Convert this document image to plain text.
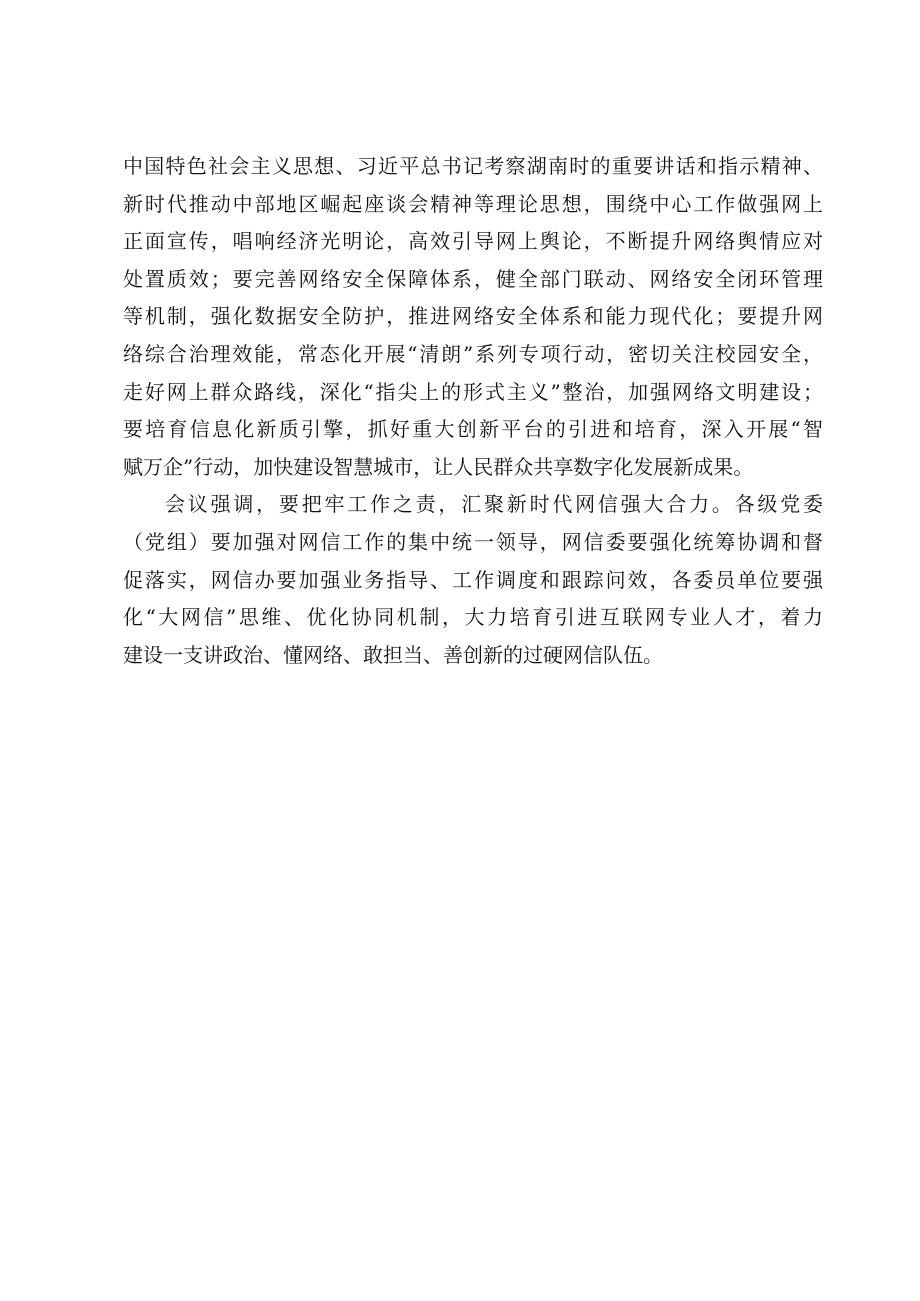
中国特色社会主义思想、习近平总书记考察湖南时的重要讲话和指示精神、
新时代推动中部地区崛起座谈会精神等理论思想，围绕中心工作做强网上
正面宣传，唱响经济光明论，高效引导网上舆论，不断提升网络舆情应对
处置质效；要完善网络安全保障体系，健全部门联动、网络安全闭环管理
等机制，强化数据安全防护，推进网络安全体系和能力现代化；要提升网
络综合治理效能，常态化开展“清朗”系列专项行动，密切关注校园安全，
走好网上群众路线，深化“指尖上的形式主义”整治，加强网络文明建设；
要培育信息化新质引擎，抓好重大创新平台的引进和培育，深入开展“智
赋万企”行动，加快建设智慧城市，让人民群众共享数字化发展新成果。
会议强调，要把牢工作之责，汇聚新时代网信强大合力。各级党委
（党组）要加强对网信工作的集中统一领导，网信委要强化统筹协调和督
促落实，网信办要加强业务指导、工作调度和跟踪问效，各委员单位要强
化“大网信”思维、优化协同机制，大力培育引进互联网专业人才，着力
建设一支讲政治、懂网络、敢担当、善创新的过硬网信队伍。
